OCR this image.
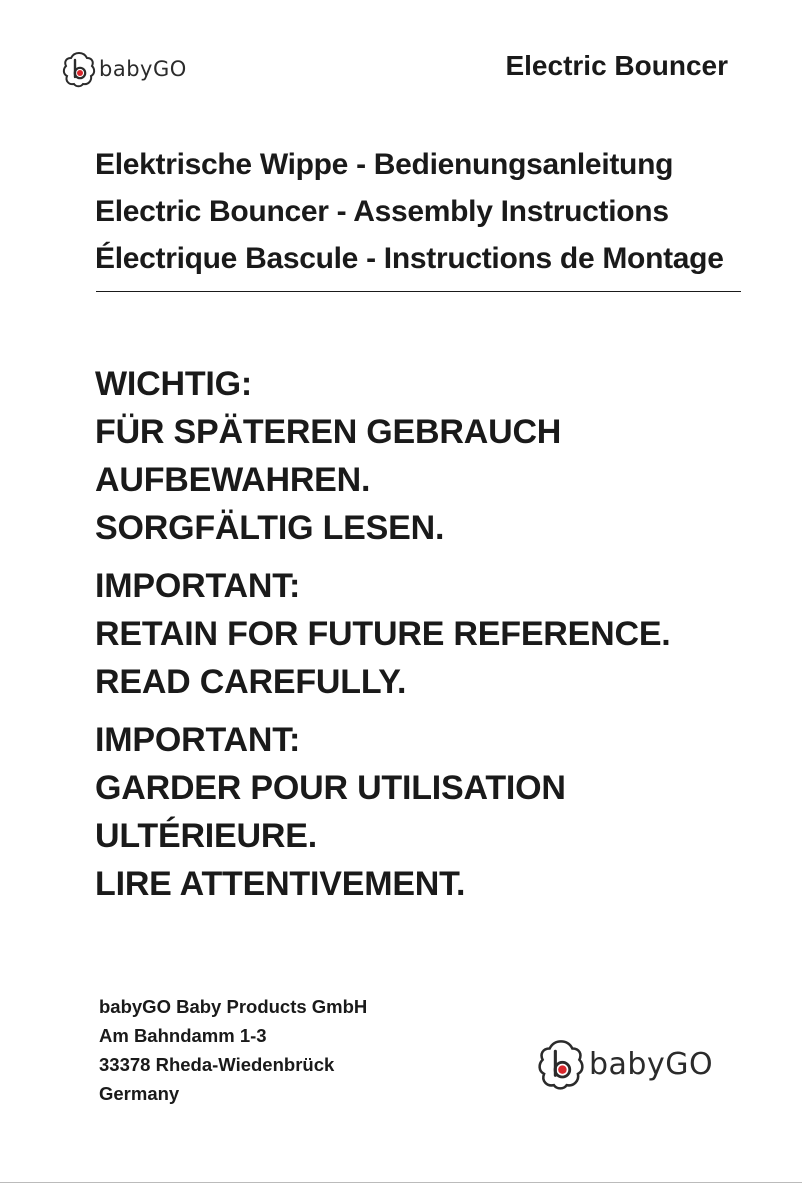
babyGO	Electric Bouncer
Elektrische Wippe - Bedienungsanleitung
Electric Bouncer - Assembly Instructions
Électrique Bascule - Instructions de Montage
WICHTIG:
FÜR SPÄTEREN GEBRAUCH
AUFBEWAHREN.
SORGFÄLTIG LESEN.
IMPORTANT:
RETAIN FOR FUTURE REFERENCE.
READ CAREFULLY.
IMPORTANT:
GARDER POUR UTILISATION
ULTÉRIEURE.
LIRE ATTENTIVEMENT.
babyGO Baby Products GmbH
Am Bahndamm 1-3
33378 Rheda-Wiedenbrück
Germany
babyGO
